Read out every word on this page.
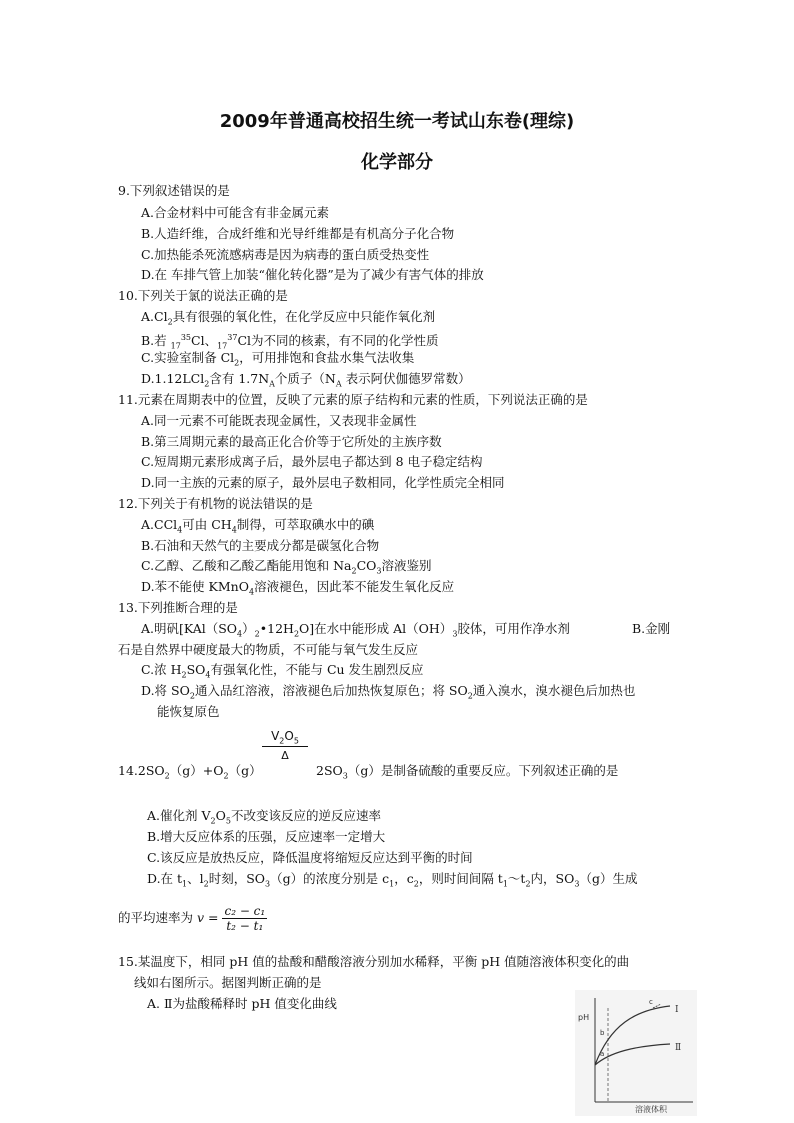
2009年普通高校招生统一考试山东卷(理综)
化学部分
9.下列叙述错误的是
A.合金材料中可能含有非金属元素
B.人造纤维，合成纤维和光导纤维都是有机高分子化合物
C.加热能杀死流感病毒是因为病毒的蛋白质受热变性
D.在 车排气管上加装“催化转化器”是为了减少有害气体的排放
10.下列关于氯的说法正确的是
$A.Cl_2$具有很强的氧化性，在化学反应中只能作氧化剂
B.若 $_{17}^{35}$Cl、$_{17}^{37}$Cl为不同的核素，有不同的化学性质
C.实验室制备 $Cl_2$，可用排饱和食盐水集气法收集
D.1.12LCl$_2$含有 $1.7N_A$个质子（$N_A$ 表示阿伏伽德罗常数）
11.元素在周期表中的位置，反映了元素的原子结构和元素的性质，下列说法正确的是
A.同一元素不可能既表现金属性，又表现非金属性
B.第三周期元素的最高正化合价等于它所处的主族序数
C.短周期元素形成离子后，最外层电子都达到 8 电子稳定结构
D.同一主族的元素的原子，最外层电子数相同，化学性质完全相同
12.下列关于有机物的说法错误的是
A.CCl$_4$可由 $CH_4$制得，可萃取碘水中的碘
B.石油和天然气的主要成分都是碳氢化合物
C.乙醇、乙酸和乙酸乙酯能用饱和 $Na_2CO_3$溶液鉴别
D.苯不能使 KMnO$_4$溶液褪色，因此苯不能发生氧化反应
13.下列推断合理的是
A.明矾$[KAl(SO_4)_2•12H_2O]$在水中能形成 $Al(OH)_3$胶体，可用作净水剂	B.金刚
石是自然界中硬度最大的物质，不可能与氧气发生反应
C.浓 $H_2SO_4$有强氧化性，不能与 Cu 发生剧烈反应
D.将 $SO_2$通入品红溶液，溶液褪色后加热恢复原色；将 $SO_2$通入溴水，溴水褪色后加热也
能恢复原色
$V_2O_5$
Δ
$14.2SO_2(g)+O_2(g)$	$2SO_3(g)$是制备硫酸的重要反应。下列叙述正确的是
A.催化剂 $V_2O_5$不改变该反应的逆反应速率
B.增大反应体系的压强，反应速率一定增大
C.该反应是放热反应，降低温度将缩短反应达到平衡的时间
D.在 $t_1$、$l_2$时刻，$SO_3(g)$的浓度分别是 $c_1$，$c_2$，则时间间隔 $t_1\sim t_2$内，$SO_3(g)$生成
的平均速率为 $v = \frac{\text{c₂ − c₁}}{\text{t₂ − t₁}}$
15.某温度下，相同 pH 值的盐酸和醋酸溶液分别加水稀释，平衡 pH 值随溶液体积变化的曲
线如右图所示。据图判断正确的是
A. Ⅱ为盐酸稀释时 pH 值变化曲线
pH
溶液体积
Ⅰ
Ⅱ
a
b
c
